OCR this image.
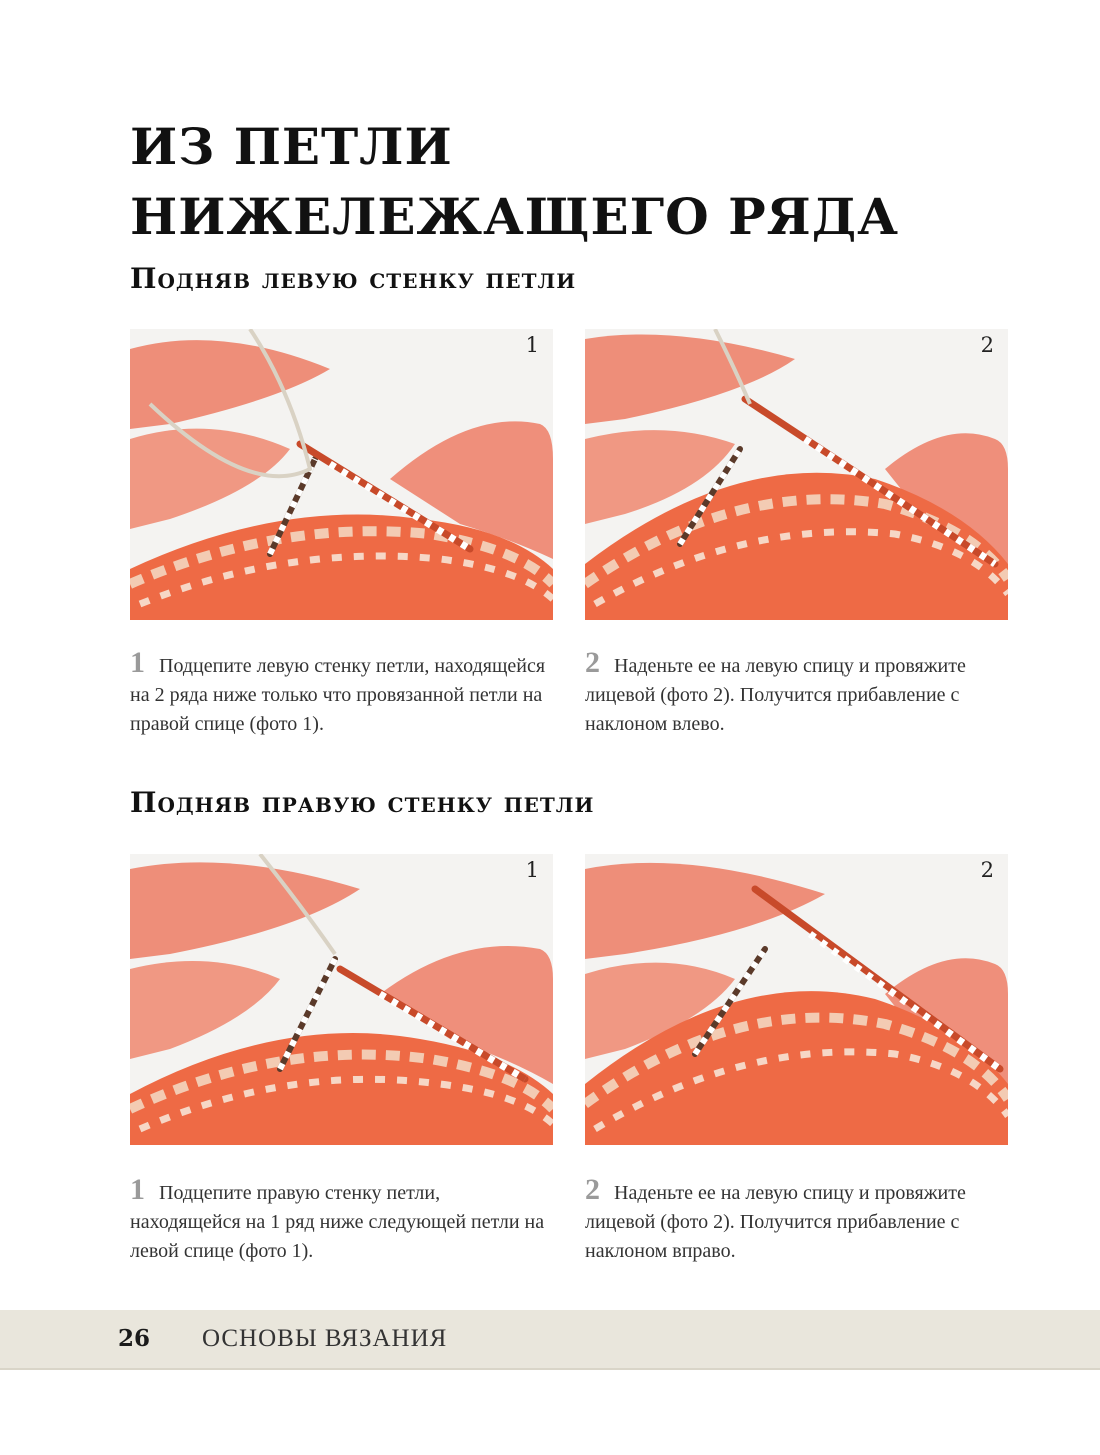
ИЗ ПЕТЛИ НИЖЕЛЕЖАЩЕГО РЯДА
Подняв левую стенку петли
1	2

1 Подцепите левую стенку петли, находящейся на 2 ряда ниже только что провязанной петли на правой спице (фото 1).

2 Наденьте ее на левую спицу и провяжите лицевой (фото 2). Получится прибавление с наклоном влево.

Подняв правую стенку петли
1	2

1 Подцепите правую стенку петли, находящейся на 1 ряд ниже следующей петли на левой спице (фото 1).

2 Наденьте ее на левую спицу и провяжите лицевой (фото 2). Получится прибавление с наклоном вправо.

26 ОСНОВЫ ВЯЗАНИЯ
